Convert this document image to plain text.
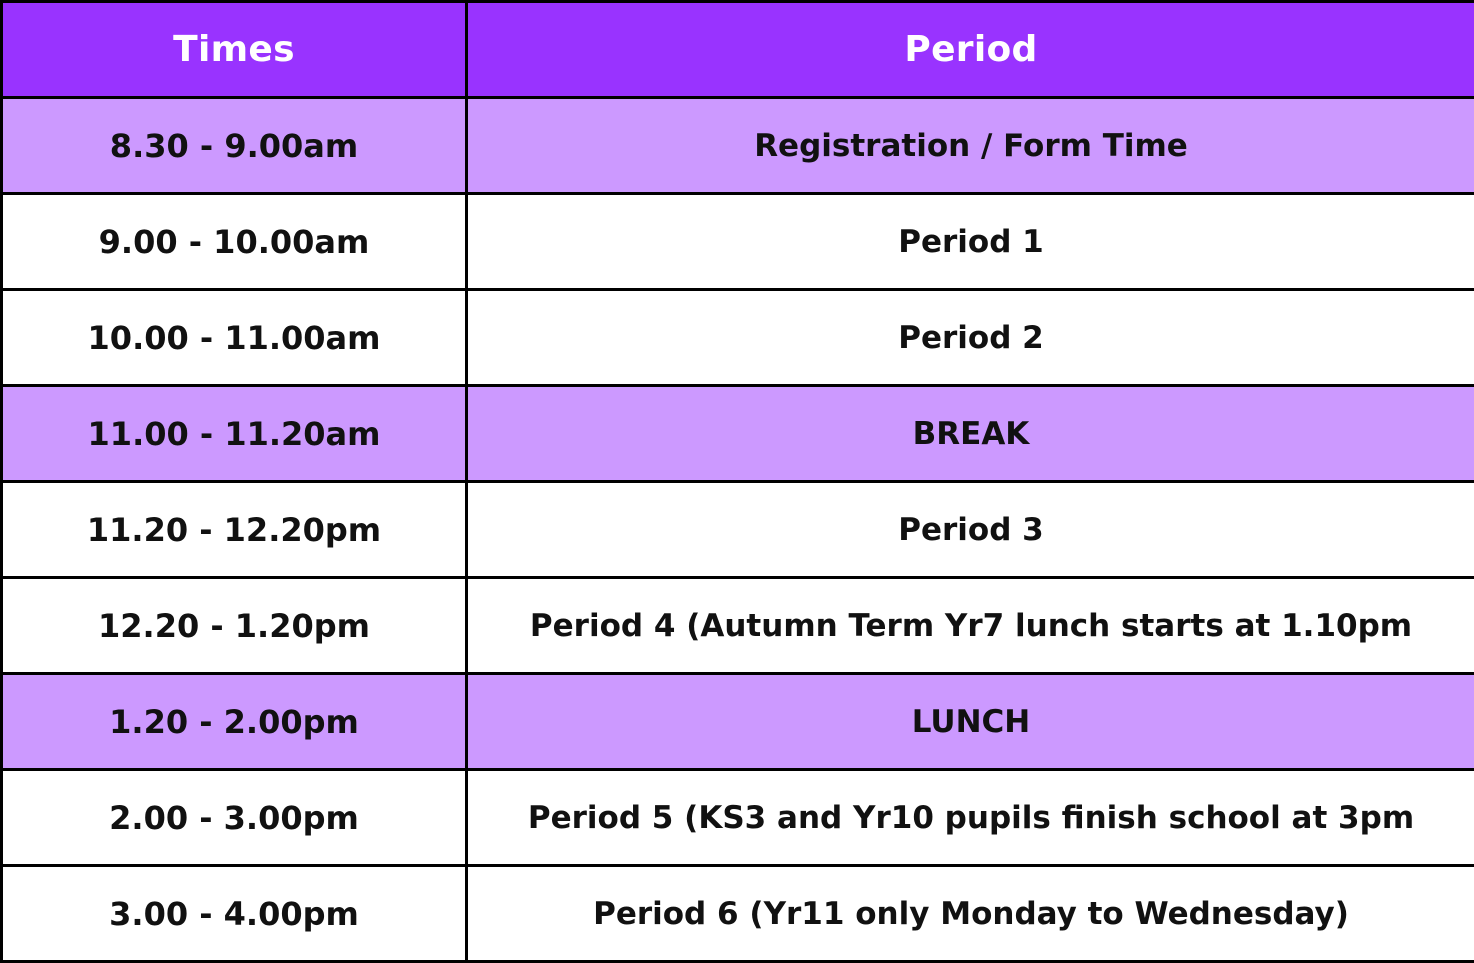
Times	Period
8.30 - 9.00am	Registration / Form Time
9.00 - 10.00am	Period 1
10.00 - 11.00am	Period 2
11.00 - 11.20am	BREAK
11.20 - 12.20pm	Period 3
12.20 - 1.20pm	Period 4 (Autumn Term Yr7 lunch starts at 1.10pm
1.20 - 2.00pm	LUNCH
2.00 - 3.00pm	Period 5 (KS3 and Yr10 pupils finish school at 3pm
3.00 - 4.00pm	Period 6 (Yr11 only Monday to Wednesday)
